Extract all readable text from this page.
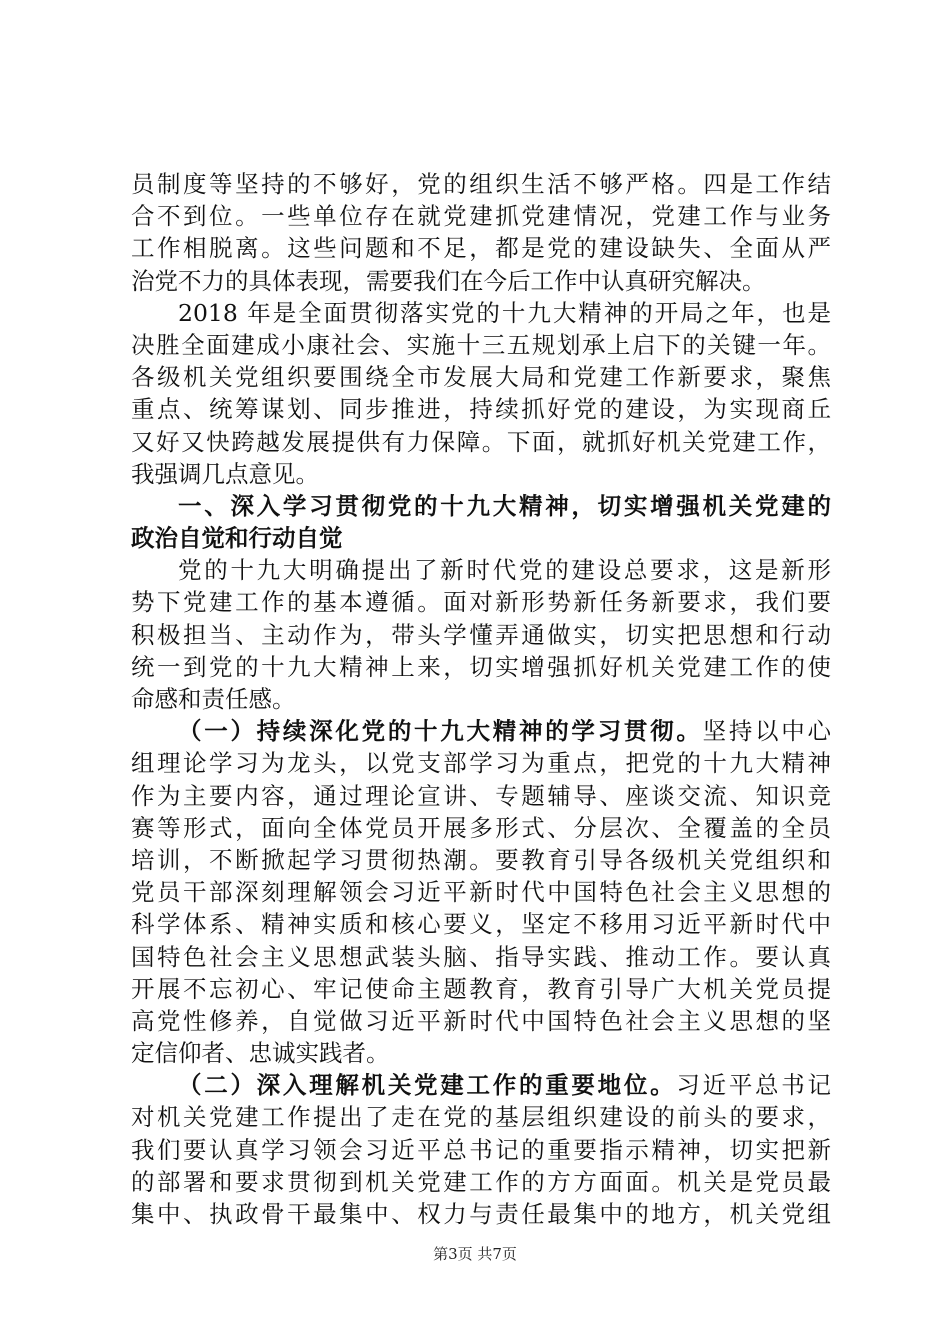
员制度等坚持的不够好，党的组织生活不够严格。四是工作结
合不到位。一些单位存在就党建抓党建情况，党建工作与业务
工作相脱离。这些问题和不足，都是党的建设缺失、全面从严
治党不力的具体表现，需要我们在今后工作中认真研究解决。
2018 年是全面贯彻落实党的十九大精神的开局之年，也是
决胜全面建成小康社会、实施十三五规划承上启下的关键一年。
各级机关党组织要围绕全市发展大局和党建工作新要求，聚焦
重点、统筹谋划、同步推进，持续抓好党的建设，为实现商丘
又好又快跨越发展提供有力保障。下面，就抓好机关党建工作，
我强调几点意见。
一、深入学习贯彻党的十九大精神，切实增强机关党建的
政治自觉和行动自觉
党的十九大明确提出了新时代党的建设总要求，这是新形
势下党建工作的基本遵循。面对新形势新任务新要求，我们要
积极担当、主动作为，带头学懂弄通做实，切实把思想和行动
统一到党的十九大精神上来，切实增强抓好机关党建工作的使
命感和责任感。
（一）持续深化党的十九大精神的学习贯彻。坚持以中心
组理论学习为龙头，以党支部学习为重点，把党的十九大精神
作为主要内容，通过理论宣讲、专题辅导、座谈交流、知识竞
赛等形式，面向全体党员开展多形式、分层次、全覆盖的全员
培训，不断掀起学习贯彻热潮。要教育引导各级机关党组织和
党员干部深刻理解领会习近平新时代中国特色社会主义思想的
科学体系、精神实质和核心要义，坚定不移用习近平新时代中
国特色社会主义思想武装头脑、指导实践、推动工作。要认真
开展不忘初心、牢记使命主题教育，教育引导广大机关党员提
高党性修养，自觉做习近平新时代中国特色社会主义思想的坚
定信仰者、忠诚实践者。
（二）深入理解机关党建工作的重要地位。习近平总书记
对机关党建工作提出了走在党的基层组织建设的前头的要求，
我们要认真学习领会习近平总书记的重要指示精神，切实把新
的部署和要求贯彻到机关党建工作的方方面面。机关是党员最
集中、执政骨干最集中、权力与责任最集中的地方，机关党组
第3页 共7页
